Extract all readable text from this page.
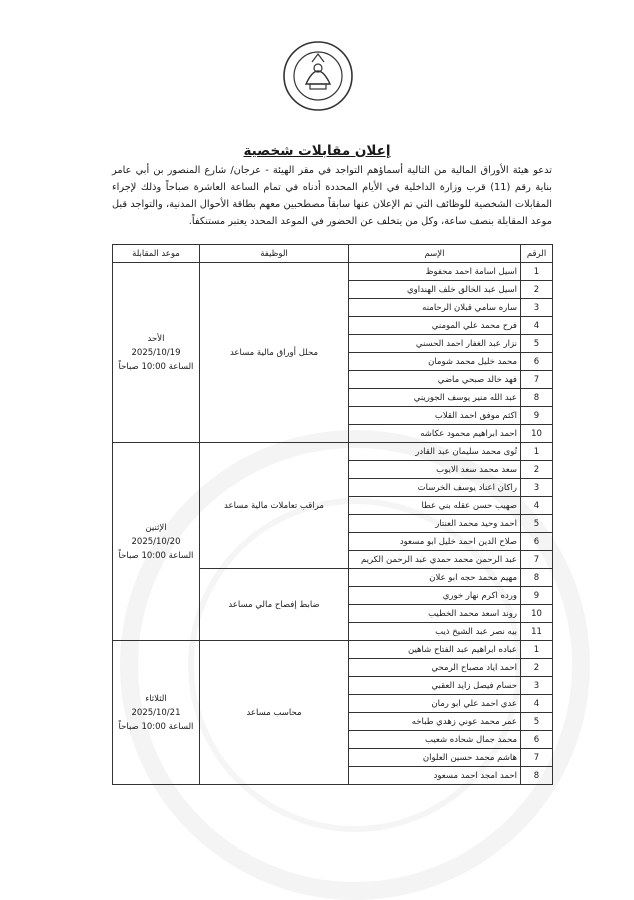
إعلان مقابلات شخصية
تدعو هيئة الأوراق المالية من التالية أسماؤهم التواجد في مقر الهيئة - عرجان/ شارع المنصور بن أبي عامر بناية رقم (11) قرب وزارة الداخلية في الأيام المحددة أدناه في تمام الساعة العاشرة صباحاً وذلك لإجراء المقابلات الشخصية للوظائف التي تم الإعلان عنها سابقاً مصطحبين معهم بطاقة الأحوال المدنية، والتواجد قبل موعد المقابلة بنصف ساعة، وكل من يتخلف عن الحضور في الموعد المحدد يعتبر مستنكفاً.
الرقم	الإسم	الوظيفة	موعد المقابلة
1	اسيل اسامة احمد محفوظ	محلل أوراق مالية مساعد	الأحد
2025/10/19
الساعة 10:00 صباحاً

2	اسيل عبد الخالق خلف الهنداوي		
3	ساره سامي قبلان الرحامنه		
4	فرح محمد علي المومني		
5	نزار عبد الغفار احمد الحسني		
6	محمد خليل محمد شومان		
7	فهد خالد صبحي ماضي		
8	عبد الله منير يوسف الجوريني		
9	اكثم موفق احمد القلاب		
10	احمد ابراهيم محمود عكاشه		
1	تُوى محمد سليمان عبد القادر	مراقب تعاملات مالية مساعد	الإثنين
2025/10/20
الساعة 10:00 صباحاً

2	سعد محمد سعد الايوب		
3	راكان اعناد يوسف الخرسات		
4	صهيب حسن عقله بني عطا		
5	احمد وحيد محمد العنتار		
6	صلاح الدين احمد خليل ابو مسعود		
7	عبد الرحمن محمد حمدي عبد الرحمن الكريم		
8	مهيم محمد حجه ابو علان	ضابط إفصاح مالي مساعد	
9	ورده اكرم نهار خوري		
10	روند اسعد محمد الخطيب		
11	بيه نصر عبد الشيخ ذيب		
1	عباده ابراهيم عبد الفتاح شاهين	محاسب مساعد	الثلاثاء
2025/10/21
الساعة 10:00 صباحاً

2	احمد اياد مصباح الرمحي		
3	حسام فيصل زايد العقبي		
4	عدي احمد علي ابو رمان		
5	عمر محمد عوني زهدي طباخه		
6	محمد جمال شحاده شعيب		
7	هاشم محمد حسين العلوان		
8	احمد امجد احمد مسعود		
